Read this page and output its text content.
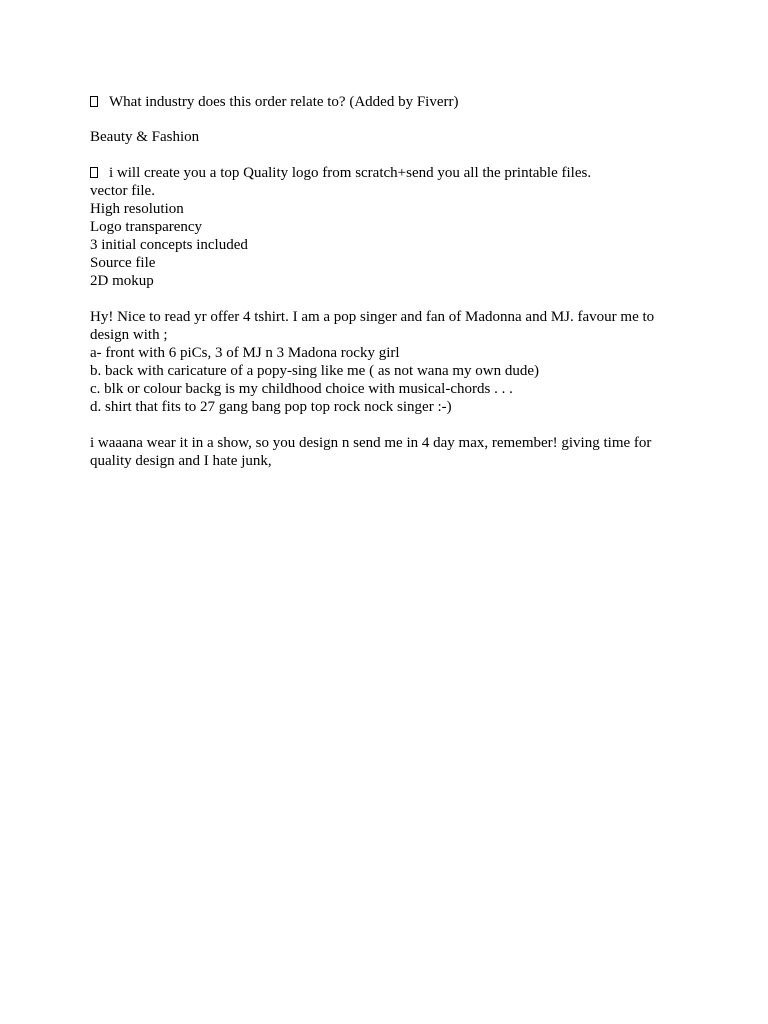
What industry does this order relate to? (Added by Fiverr)
Beauty & Fashion
i will create you a top Quality logo from scratch+send you all the printable files.
vector file.
High resolution
Logo transparency
3 initial concepts included
Source file
2D mokup
Hy! Nice to read yr offer 4 tshirt. I am a pop singer and fan of Madonna and MJ. favour me to design with ;
a- front with 6 piCs, 3 of MJ n 3 Madona rocky girl
b. back with caricature of a popy-sing like me ( as not wana my own dude)
c. blk or colour backg is my childhood choice with musical-chords . . .
d. shirt that fits to 27 gang bang pop top rock nock singer :-)
i waaana wear it in a show, so you design n send me in 4 day max, remember! giving time for quality design and I hate junk,
